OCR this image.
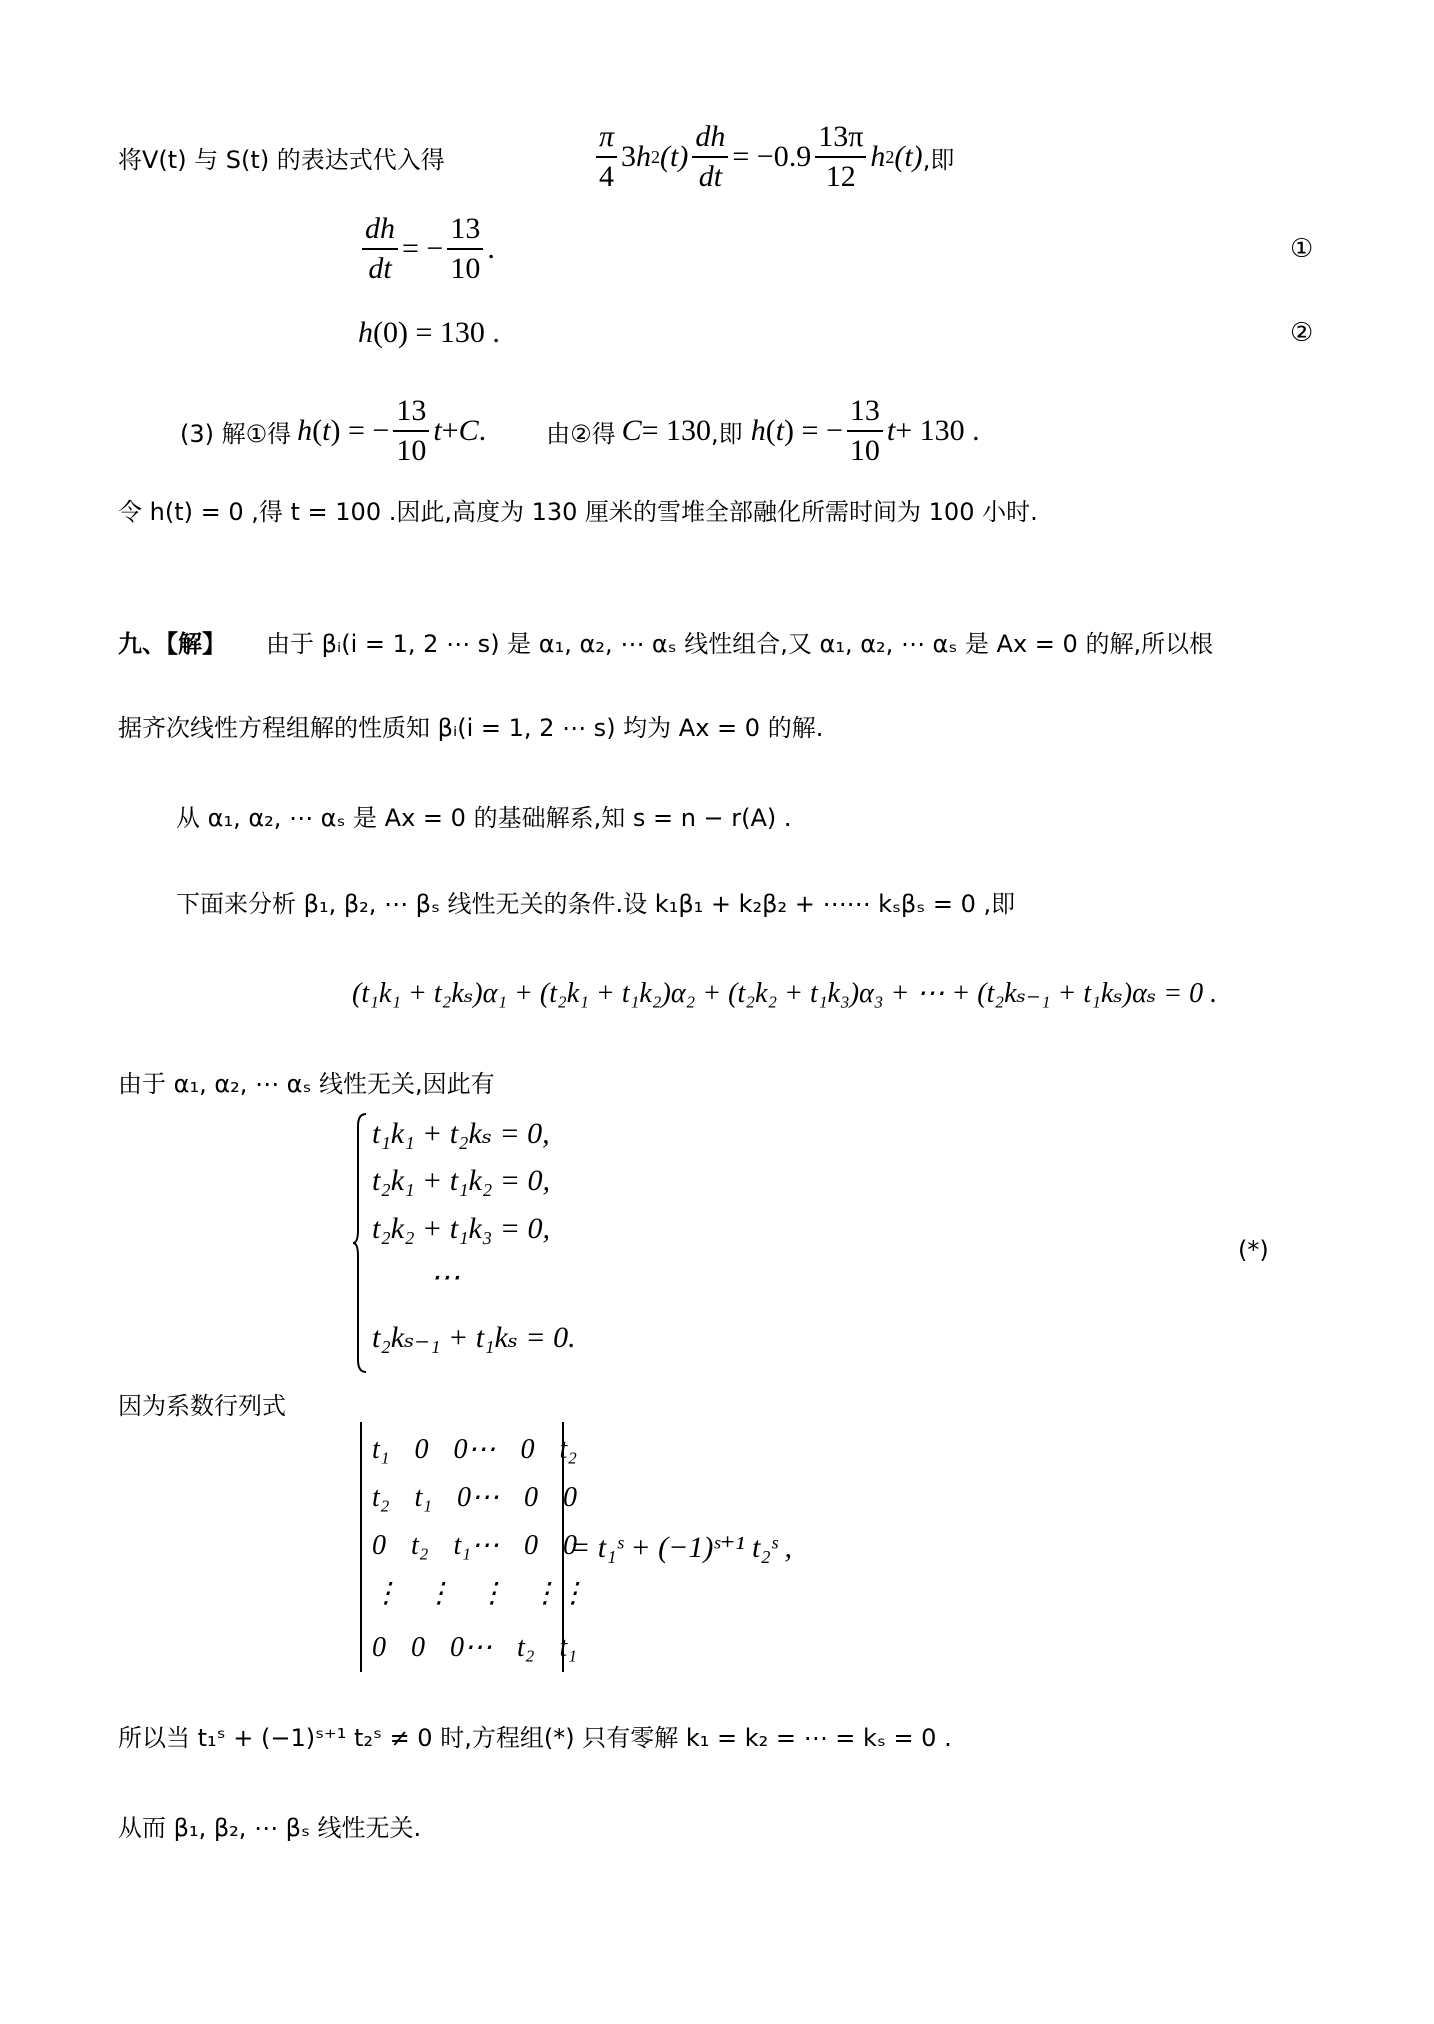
将V(t) 与 S(t) 的表达式代入得	$\frac{\pi}{4} 3$ h 2 $(t) \frac{dh}{dt} = -0.9 \frac{13\pi}{12}$ h 2 (t) ,即
$\frac{dh}{dt}$ = − $\frac{13}{10}$ .	①
h (0) = 130 .	②
(3) 解①得 h ( t ) = − $\frac{13}{10}$ t + C .	由②得 C = 130 ,即 h ( t ) = − $\frac{13}{10}$ t + 130 .
令 h(t) = 0 ,得 t = 100 .因此,高度为 130 厘米的雪堆全部融化所需时间为 100 小时.
九、【解】 由于 βᵢ(i = 1, 2 ⋯ s) 是 α₁, α₂, ⋯ αₛ 线性组合,又 α₁, α₂, ⋯ αₛ 是 Ax = 0 的解,所以根
据齐次线性方程组解的性质知 βᵢ(i = 1, 2 ⋯ s) 均为 Ax = 0 的解.
从 α₁, α₂, ⋯ αₛ 是 Ax = 0 的基础解系,知 s = n − r(A) .
下面来分析 β₁, β₂, ⋯ βₛ 线性无关的条件.设 k₁β₁ + k₂β₂ + ⋯⋯ kₛβₛ = 0 ,即
(t₁k₁ + t₂kₛ)α₁ + (t₂k₁ + t₁k₂)α₂ + (t₂k₂ + t₁k₃)α₃ + ⋯ + (t₂kₛ₋₁ + t₁kₛ)αₛ = 0 .
由于 α₁, α₂, ⋯ αₛ 线性无关,因此有
t₁k₁ + t₂kₛ = 0,
t₂k₁ + t₁k₂ = 0,
t₂k₂ + t₁k₃ = 0,
⋯
t₂kₛ₋₁ + t₁kₛ = 0.
(*)
因为系数行列式
t₁ 0 0⋯ 0 t₂
t₂ t₁ 0⋯ 0 0
0 t₂ t₁⋯ 0 0
⋮ ⋮ ⋮ ⋮⋮
0 0 0⋯ t₂ t₁
= t₁ˢ + (−1)ˢ⁺¹ t₂ˢ ,
所以当 t₁ˢ + (−1)ˢ⁺¹ t₂ˢ ≠ 0 时,方程组(*) 只有零解 k₁ = k₂ = ⋯ = kₛ = 0 .
从而 β₁, β₂, ⋯ βₛ 线性无关.
